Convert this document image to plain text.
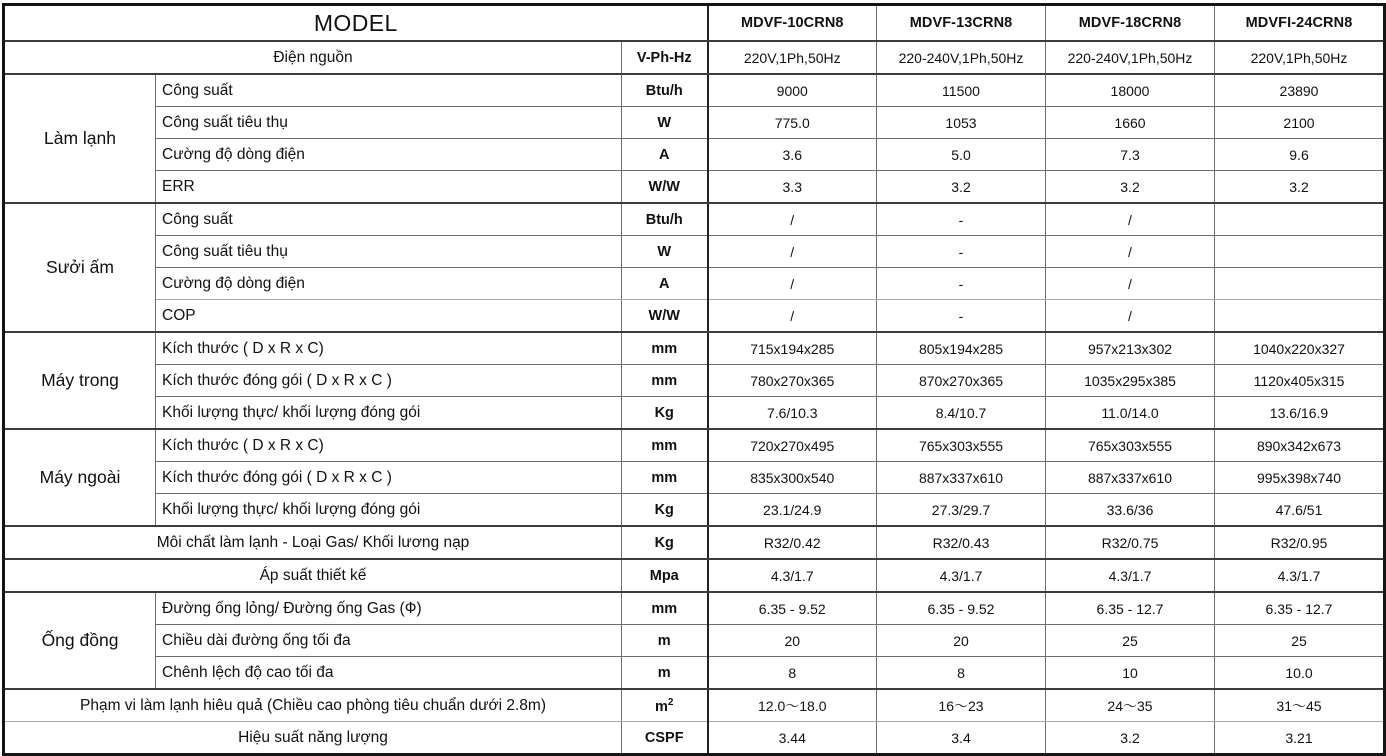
MODEL			MDVF-10CRN8	MDVF-13CRN8	MDVF-18CRN8	MDVFI-24CRN8
Điện nguồn		V-Ph-Hz	220V,1Ph,50Hz	220-240V,1Ph,50Hz	220-240V,1Ph,50Hz	220V,1Ph,50Hz
Làm lạnh	Công suất	Btu/h	9000	11500	18000	23890
	Công suất tiêu thụ	W	775.0	1053	1660	2100
	Cường độ dòng điện	A	3.6	5.0	7.3	9.6
	ERR	W/W	3.3	3.2	3.2	3.2
Sưởi ấm	Công suất	Btu/h	/	-	/	
	Công suất tiêu thụ	W	/	-	/	
	Cường độ dòng điện	A	/	-	/	
	COP	W/W	/	-	/	
Máy trong	Kích thước ( D x R x C)	mm	715x194x285	805x194x285	957x213x302	1040x220x327
	Kích thước đóng gói ( D x R x C )	mm	780x270x365	870x270x365	1035x295x385	1120x405x315
	Khối lượng thực/ khối lượng đóng gói	Kg	7.6/10.3	8.4/10.7	11.0/14.0	13.6/16.9
Máy ngoài	Kích thước ( D x R x C)	mm	720x270x495	765x303x555	765x303x555	890x342x673
	Kích thước đóng gói ( D x R x C )	mm	835x300x540	887x337x610	887x337x610	995x398x740
	Khối lượng thực/ khối lượng đóng gói	Kg	23.1/24.9	27.3/29.7	33.6/36	47.6/51
Môi chất làm lạnh - Loại Gas/ Khối lương nạp		Kg	R32/0.42	R32/0.43	R32/0.75	R32/0.95
Áp suất thiết kế		Mpa	4.3/1.7	4.3/1.7	4.3/1.7	4.3/1.7
Ống đồng	Đường ống lỏng/ Đường ống Gas (Ф)	mm	6.35 - 9.52	6.35 - 9.52	6.35 - 12.7	6.35 - 12.7
	Chiều dài đường ống tối đa	m	20	20	25	25
	Chênh lệch độ cao tối đa	m	8	8	10	10.0
Phạm vi làm lạnh hiêu quả (Chiều cao phòng tiêu chuẩn dưới 2.8m)		$m^2$	12.0〜18.0	16〜23	24〜35	31〜45
Hiệu suất năng lượng		CSPF	3.44	3.4	3.2	3.21
